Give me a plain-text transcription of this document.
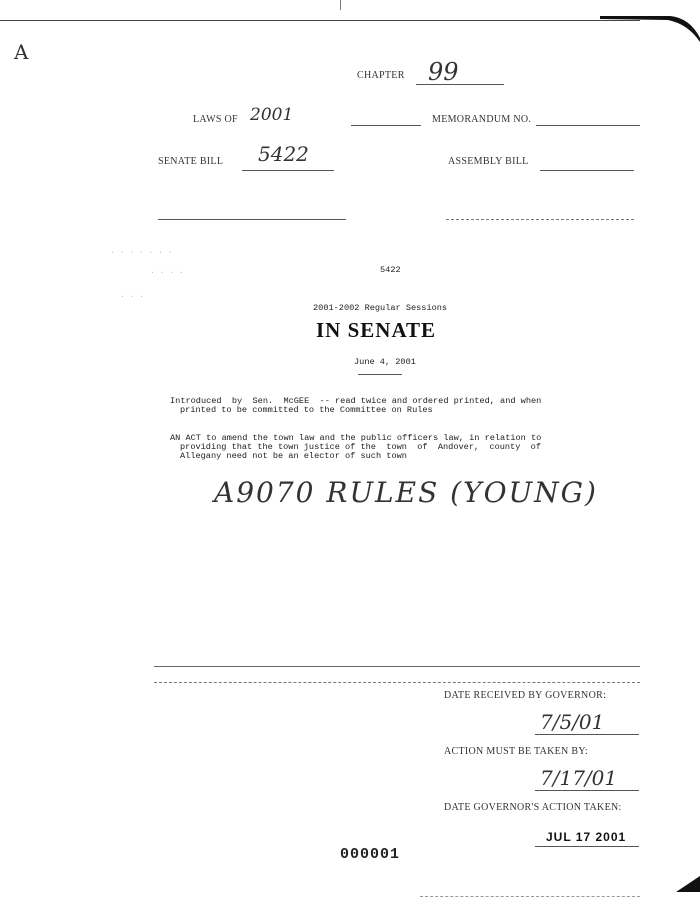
A
CHAPTER 99
LAWS OF 2001	MEMORANDUM NO.
SENATE BILL 5422	ASSEMBLY BILL
. . . . . . .
. . . .
. . .
5422
2001-2002 Regular Sessions
IN SENATE
June 4, 2001
Introduced  by  Sen.  McGEE  -- read twice and ordered printed, and when
printed to be committed to the Committee on Rules
AN ACT to amend the town law and the public officers law, in relation to
providing that the town justice of the  town  of  Andover,  county  of
Allegany need not be an elector of such town
A9070 RULES (YOUNG)
DATE RECEIVED BY GOVERNOR:
7/5/01
ACTION MUST BE TAKEN BY:
7/17/01
DATE GOVERNOR'S ACTION TAKEN:
JUL 17 2001
000001
